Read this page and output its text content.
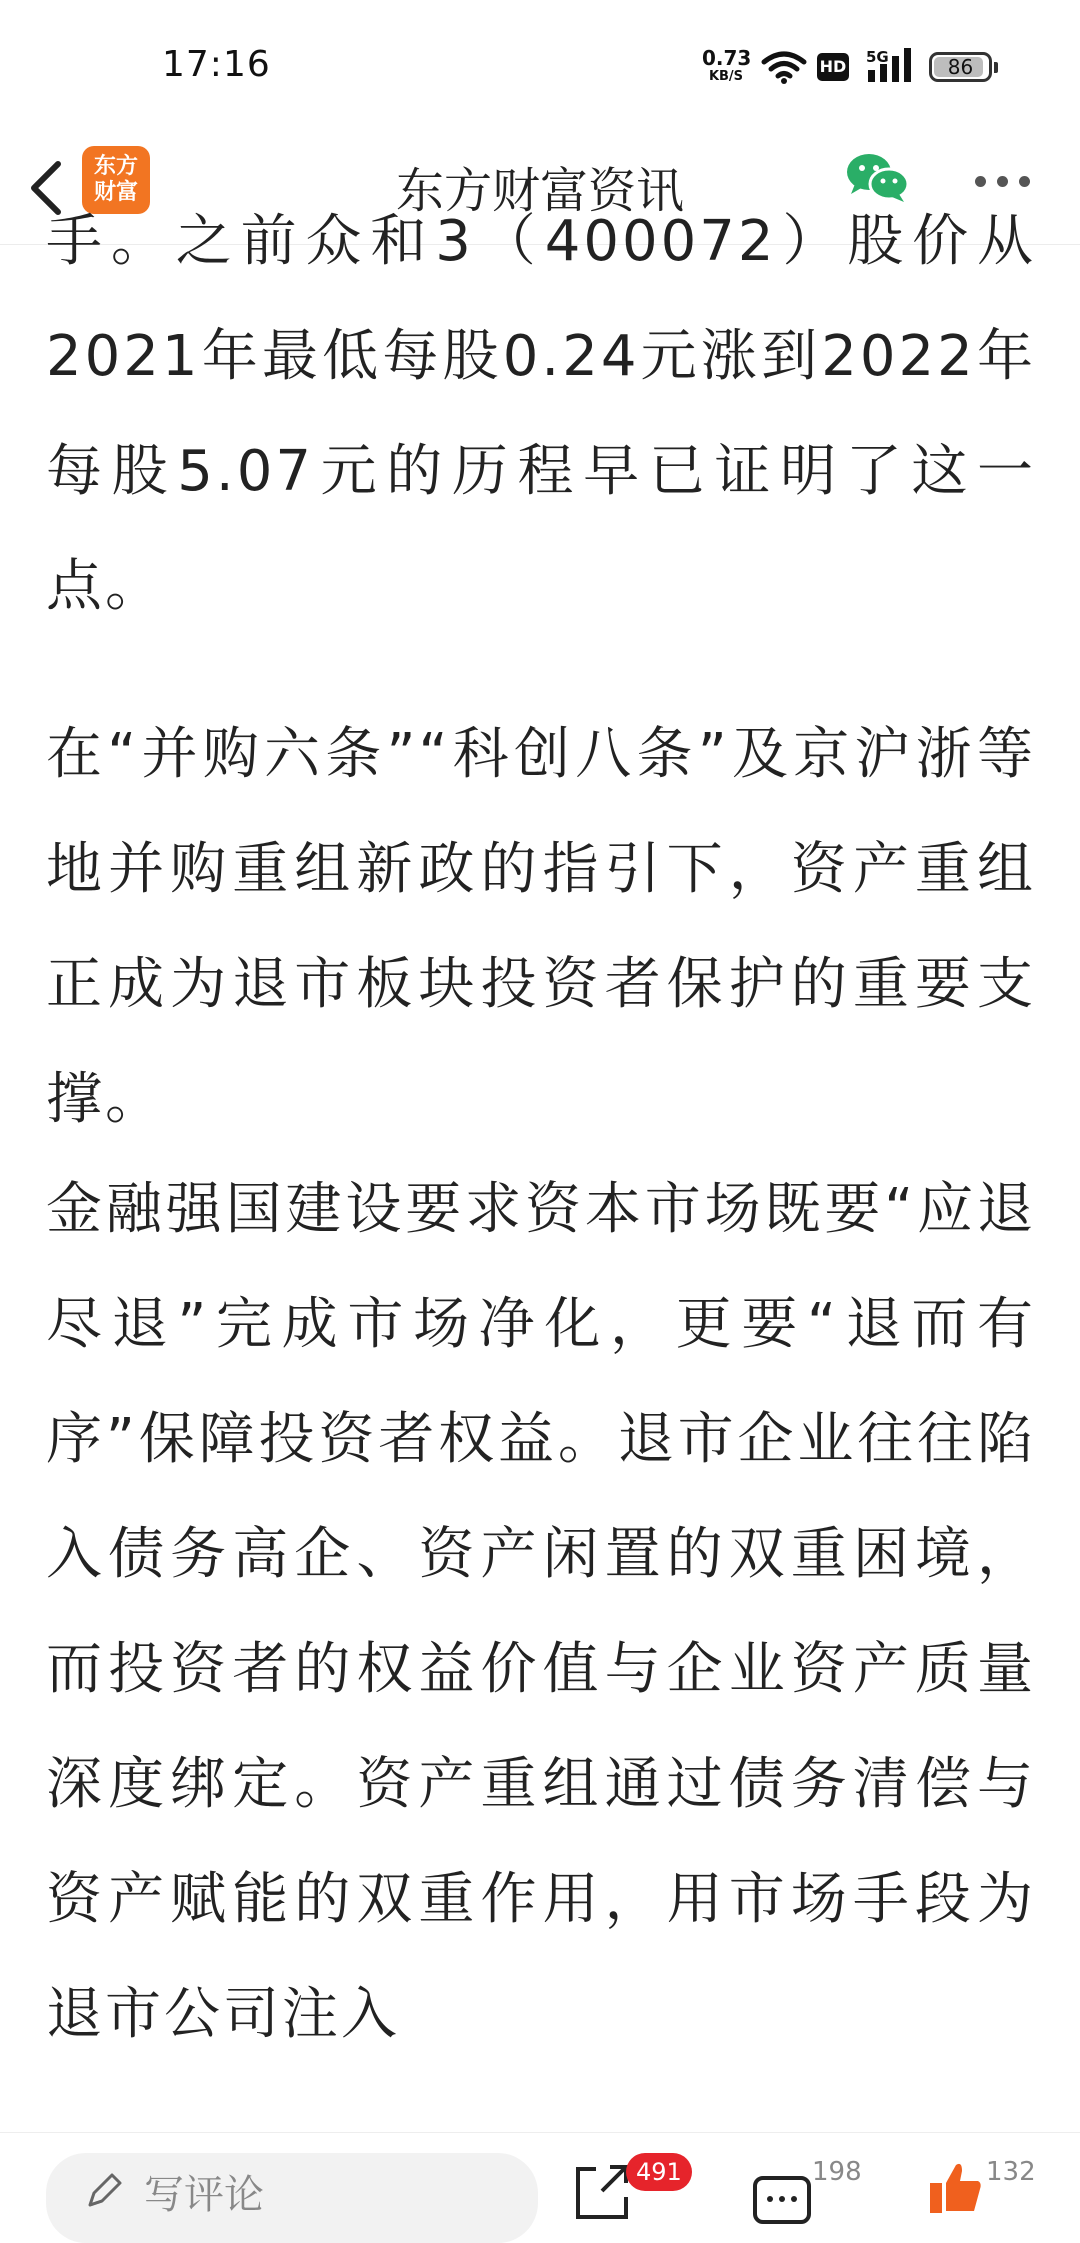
17:16	0.73
KB/S
HD 5G	86
东方
财富	东方财富资讯

手。之前众和3（400072）股价从2021年最低每股0.24元涨到2022年每股5.07元的历程早已证明了这一点。

在“并购六条”“科创八条”及京沪浙等地并购重组新政的指引下，资产重组正成为退市板块投资者保护的重要支撑。

金融强国建设要求资本市场既要“应退尽退”完成市场净化，更要“退而有序”保障投资者权益。退市企业往往陷入债务高企、资产闲置的双重困境，而投资者的权益价值与企业资产质量深度绑定。资产重组通过债务清偿与资产赋能的双重作用，用市场手段为退市公司注入

写评论	491	198	132
